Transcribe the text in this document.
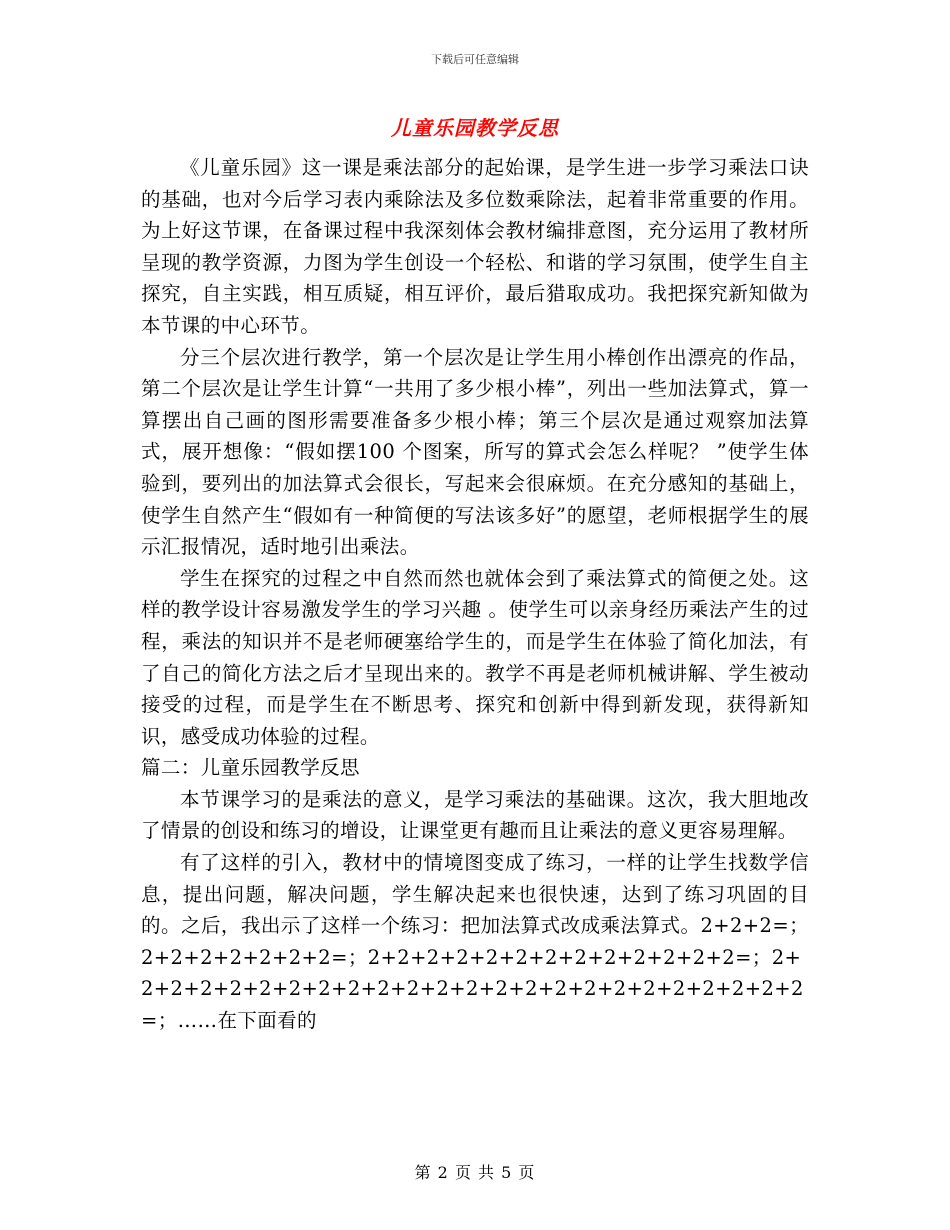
下载后可任意编辑
儿童乐园教学反思

《儿童乐园》这一课是乘法部分的起始课，是学生进一步学习乘法口诀的基础，也对今后学习表内乘除法及多位数乘除法，起着非常重要的作用。为上好这节课，在备课过程中我深刻体会教材编排意图，充分运用了教材所呈现的教学资源，力图为学生创设一个轻松、和谐的学习氛围，使学生自主探究，自主实践，相互质疑，相互评价，最后猎取成功。我把探究新知做为本节课的中心环节。

分三个层次进行教学，第一个层次是让学生用小棒创作出漂亮的作品，第二个层次是让学生计算“一共用了多少根小棒”，列出一些加法算式，算一算摆出自己画的图形需要准备多少根小棒；第三个层次是通过观察加法算式，展开想像：“假如摆100 个图案，所写的算式会怎么样呢？ ”使学生体验到，要列出的加法算式会很长，写起来会很麻烦。在充分感知的基础上，使学生自然产生“假如有一种简便的写法该多好”的愿望，老师根据学生的展示汇报情况，适时地引出乘法。

学生在探究的过程之中自然而然也就体会到了乘法算式的简便之处。这样的教学设计容易激发学生的学习兴趣 。使学生可以亲身经历乘法产生的过程，乘法的知识并不是老师硬塞给学生的，而是学生在体验了简化加法，有了自己的简化方法之后才呈现出来的。教学不再是老师机械讲解、学生被动接受的过程，而是学生在不断思考、探究和创新中得到新发现，获得新知识，感受成功体验的过程。

篇二：儿童乐园教学反思

本节课学习的是乘法的意义，是学习乘法的基础课。这次，我大胆地改了情景的创设和练习的增设，让课堂更有趣而且让乘法的意义更容易理解。

有了这样的引入，教材中的情境图变成了练习，一样的让学生找数学信息，提出问题，解决问题，学生解决起来也很快速，达到了练习巩固的目的。之后，我出示了这样一个练习：把加法算式改成乘法算式。2+2+2=；2+2+2+2+2+2+2=；2+2+2+2+2+2+2+2+2+2+2+2+2=；2+2+2+2+2+2+2+2+2+2+2+2+2+2+2+2+2+2+2+2+2+2+2+2=；……在下面看的

第 2 页 共 5 页
